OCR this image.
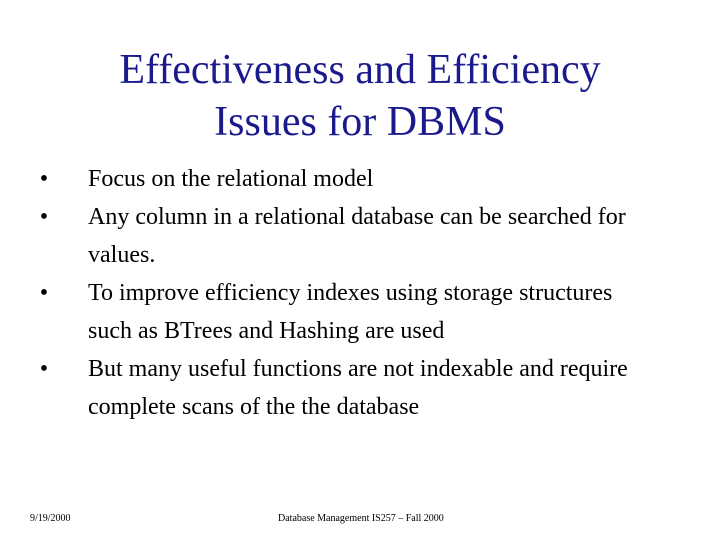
Effectiveness and Efficiency
Issues for DBMS
•	Focus on the relational model
•	Any column in a relational database can be searched for values.
•	To improve efficiency indexes using storage structures such as BTrees and Hashing are used
•	But many useful functions are not indexable and require complete scans of the the database
9/19/2000	Database Management IS257 – Fall 2000
